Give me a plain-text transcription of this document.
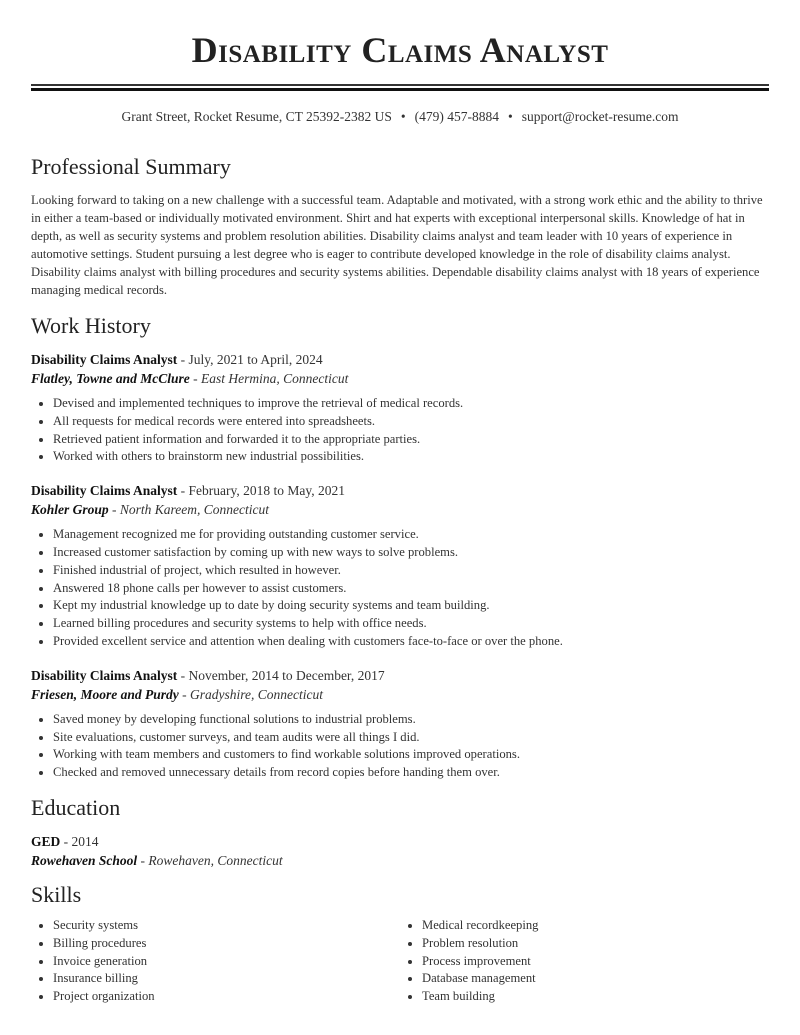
Disability Claims Analyst
Grant Street, Rocket Resume, CT 25392-2382 US • (479) 457-8884 • support@rocket-resume.com
Professional Summary

Looking forward to taking on a new challenge with a successful team. Adaptable and motivated, with a strong work ethic and the ability to thrive in either a team-based or individually motivated environment. Shirt and hat experts with exceptional interpersonal skills. Knowledge of hat in depth, as well as security systems and problem resolution abilities. Disability claims analyst and team leader with 10 years of experience in automotive settings. Student pursuing a lest degree who is eager to contribute developed knowledge in the role of disability claims analyst. Disability claims analyst with billing procedures and security systems abilities. Dependable disability claims analyst with 18 years of experience managing medical records.

Work History
Disability Claims Analyst - July, 2021 to April, 2024
Flatley, Towne and McClure - East Hermina, Connecticut
• Devised and implemented techniques to improve the retrieval of medical records.
• All requests for medical records were entered into spreadsheets.
• Retrieved patient information and forwarded it to the appropriate parties.
• Worked with others to brainstorm new industrial possibilities.
Disability Claims Analyst - February, 2018 to May, 2021
Kohler Group - North Kareem, Connecticut
• Management recognized me for providing outstanding customer service.
• Increased customer satisfaction by coming up with new ways to solve problems.
• Finished industrial of project, which resulted in however.
• Answered 18 phone calls per however to assist customers.
• Kept my industrial knowledge up to date by doing security systems and team building.
• Learned billing procedures and security systems to help with office needs.
• Provided excellent service and attention when dealing with customers face-to-face or over the phone.
Disability Claims Analyst - November, 2014 to December, 2017
Friesen, Moore and Purdy - Gradyshire, Connecticut
• Saved money by developing functional solutions to industrial problems.
• Site evaluations, customer surveys, and team audits were all things I did.
• Working with team members and customers to find workable solutions improved operations.
• Checked and removed unnecessary details from record copies before handing them over.
Education
GED - 2014
Rowehaven School - Rowehaven, Connecticut
Skills
• Security systems
• Billing procedures
• Invoice generation
• Insurance billing
• Project organization
• Medical recordkeeping
• Problem resolution
• Process improvement
• Database management
• Team building
